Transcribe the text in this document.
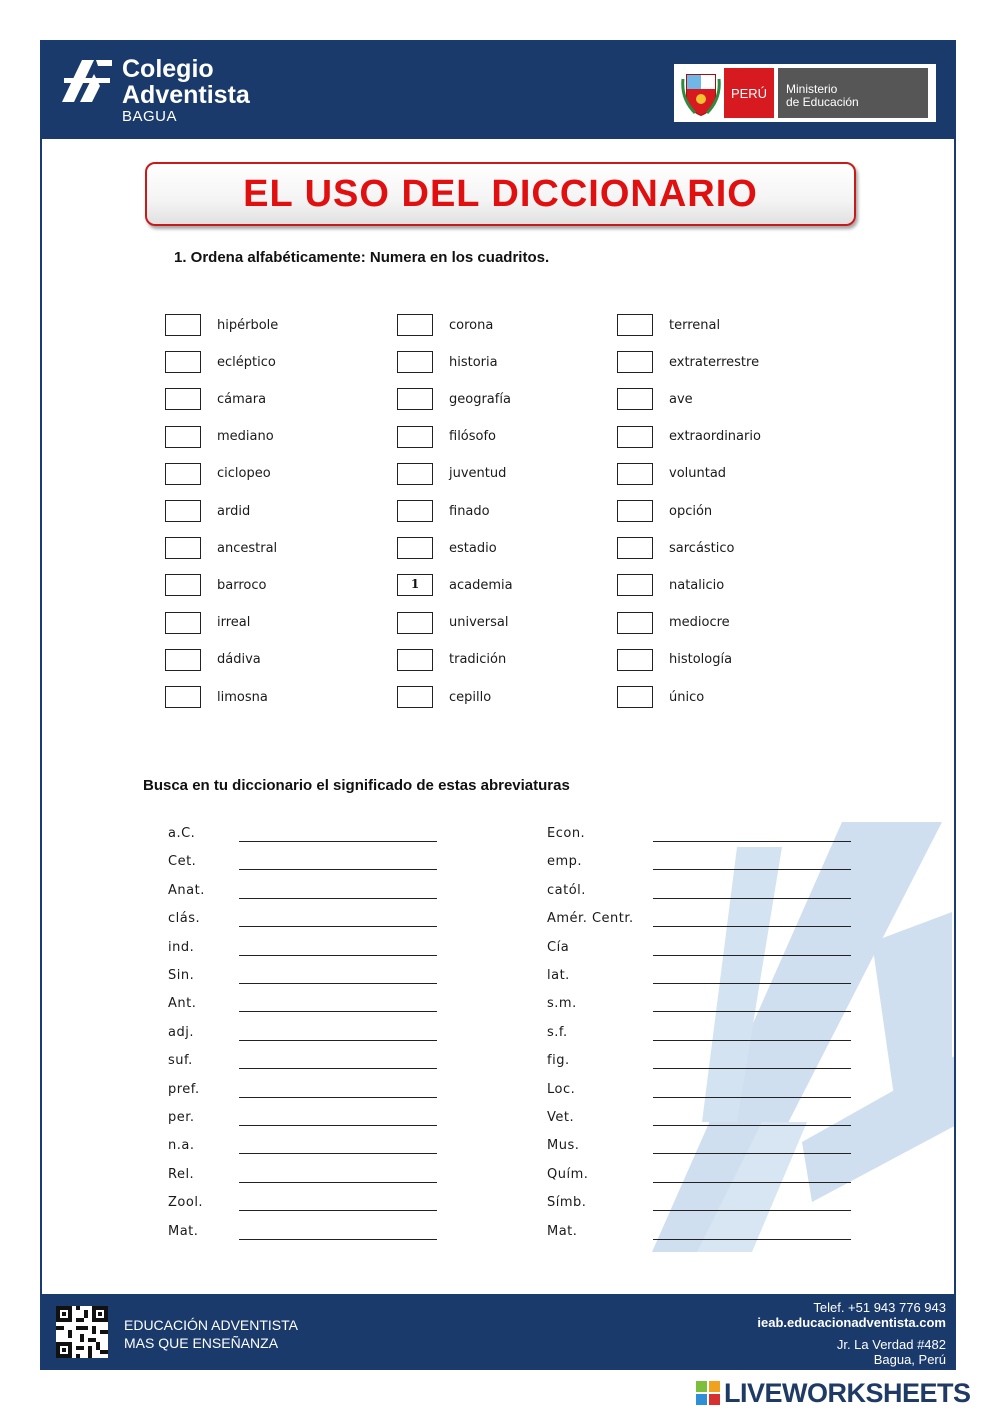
Colegio
Adventista
BAGUA
PERÚ	Ministerio
de Educación
EL USO DEL DICCIONARIO
1. Ordena alfabéticamente: Numera en los cuadritos.
hipérbole
ecléptico
cámara
mediano
ciclopeo
ardid
ancestral
barroco
irreal
dádiva
limosna
corona
historia
geografía
filósofo
juventud
finado
estadio
1	academia
universal
tradición
cepillo
terrenal
extraterrestre
ave
extraordinario
voluntad
opción
sarcástico
natalicio
mediocre
histología
único
Busca en tu diccionario el significado de estas abreviaturas
a.C.
Cet.
Anat.
clás.
ind.
Sin.
Ant.
adj.
suf.
pref.
per.
n.a.
Rel.
Zool.
Mat.
Econ.
emp.
catól.
Amér. Centr.
Cía
lat.
s.m.
s.f.
fig.
Loc.
Vet.
Mus.
Quím.
Símb.
Mat.
EDUCACIÓN ADVENTISTA
MAS QUE ENSEÑANZA
Telef. +51 943 776 943
ieab.educacionadventista.com
Jr. La Verdad #482
Bagua, Perú
LIVEWORKSHEETS
